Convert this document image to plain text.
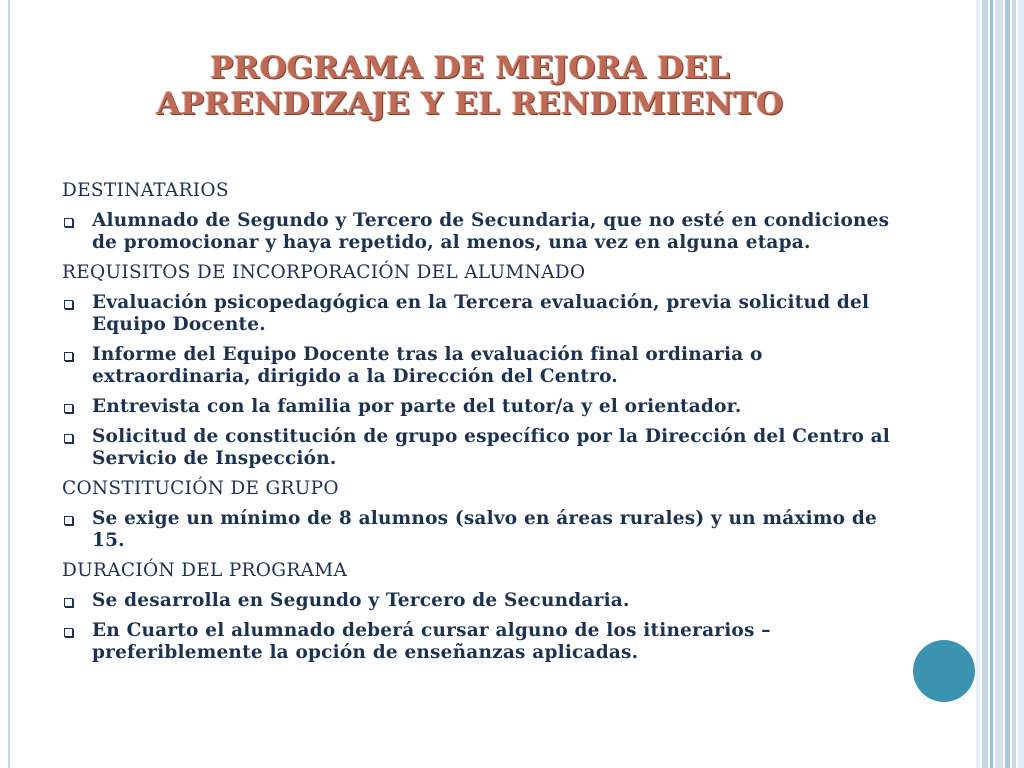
PROGRAMA DE MEJORA DEL
APRENDIZAJE Y EL RENDIMIENTO
DESTINATARIOS
Alumnado de Segundo y Tercero de Secundaria, que no esté en condiciones de promocionar y haya repetido, al menos, una vez en alguna etapa.
REQUISITOS DE INCORPORACIÓN DEL ALUMNADO
Evaluación psicopedagógica en la Tercera evaluación, previa solicitud del Equipo Docente.
Informe del Equipo Docente tras la evaluación final ordinaria o extraordinaria, dirigido a la Dirección del Centro.
Entrevista con la familia por parte del tutor/a y el orientador.
Solicitud de constitución de grupo específico por la Dirección del Centro al Servicio de Inspección.
CONSTITUCIÓN DE GRUPO
Se exige un mínimo de 8 alumnos (salvo en áreas rurales) y un máximo de 15.
DURACIÓN DEL PROGRAMA
Se desarrolla en Segundo y Tercero de Secundaria.
En Cuarto el alumnado deberá cursar alguno de los itinerarios – preferiblemente la opción de enseñanzas aplicadas.
